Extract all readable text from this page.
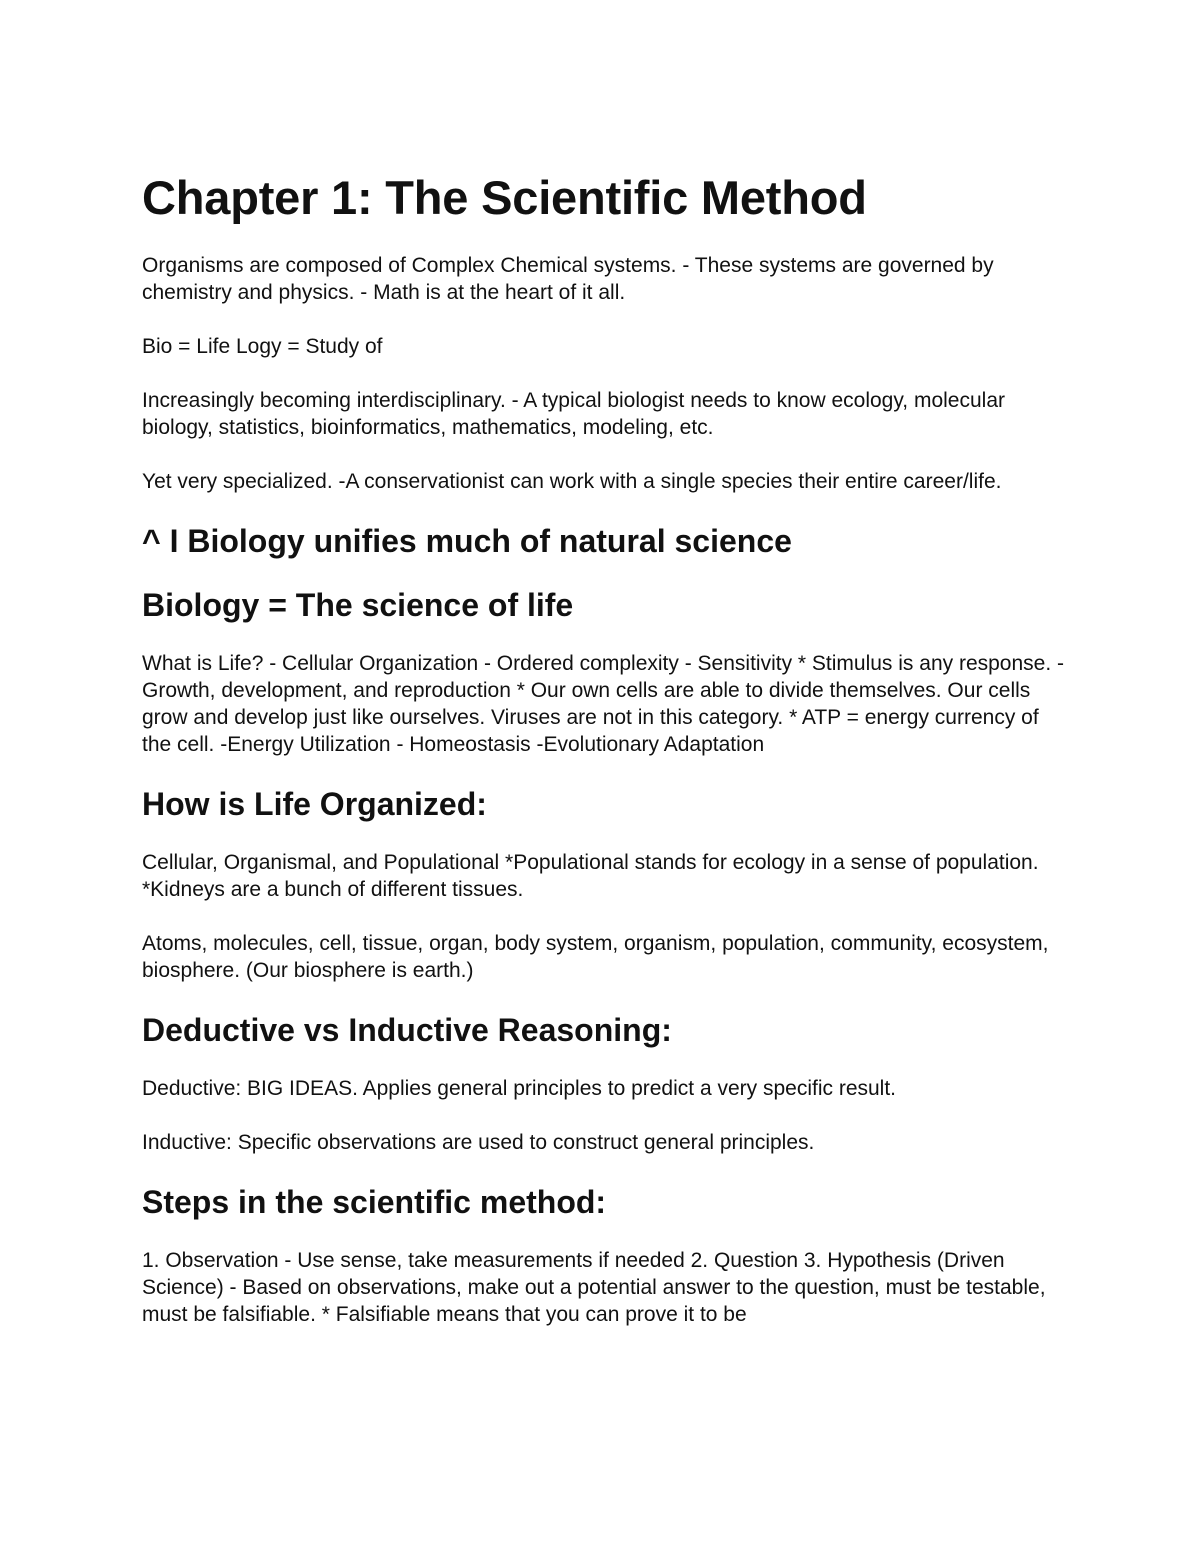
Chapter 1: The Scientific Method

Organisms are composed of Complex Chemical systems. - These systems are governed by chemistry and physics. - Math is at the heart of it all.

Bio = Life Logy = Study of

Increasingly becoming interdisciplinary. - A typical biologist needs to know ecology, molecular biology, statistics, bioinformatics, mathematics, modeling, etc.

Yet very specialized. -A conservationist can work with a single species their entire career/life.

^ I Biology unifies much of natural science
Biology = The science of life

What is Life? - Cellular Organization - Ordered complexity - Sensitivity * Stimulus is any response. - Growth, development, and reproduction * Our own cells are able to divide themselves. Our cells grow and develop just like ourselves. Viruses are not in this category. * ATP = energy currency of the cell. -Energy Utilization - Homeostasis -Evolutionary Adaptation

How is Life Organized:

Cellular, Organismal, and Populational *Populational stands for ecology in a sense of population. *Kidneys are a bunch of different tissues.

Atoms, molecules, cell, tissue, organ, body system, organism, population, community, ecosystem, biosphere. (Our biosphere is earth.)

Deductive vs Inductive Reasoning:

Deductive: BIG IDEAS. Applies general principles to predict a very specific result.

Inductive: Specific observations are used to construct general principles.

Steps in the scientific method:

1. Observation - Use sense, take measurements if needed 2. Question 3. Hypothesis (Driven Science) - Based on observations, make out a potential answer to the question, must be testable, must be falsifiable. * Falsifiable means that you can prove it to be
